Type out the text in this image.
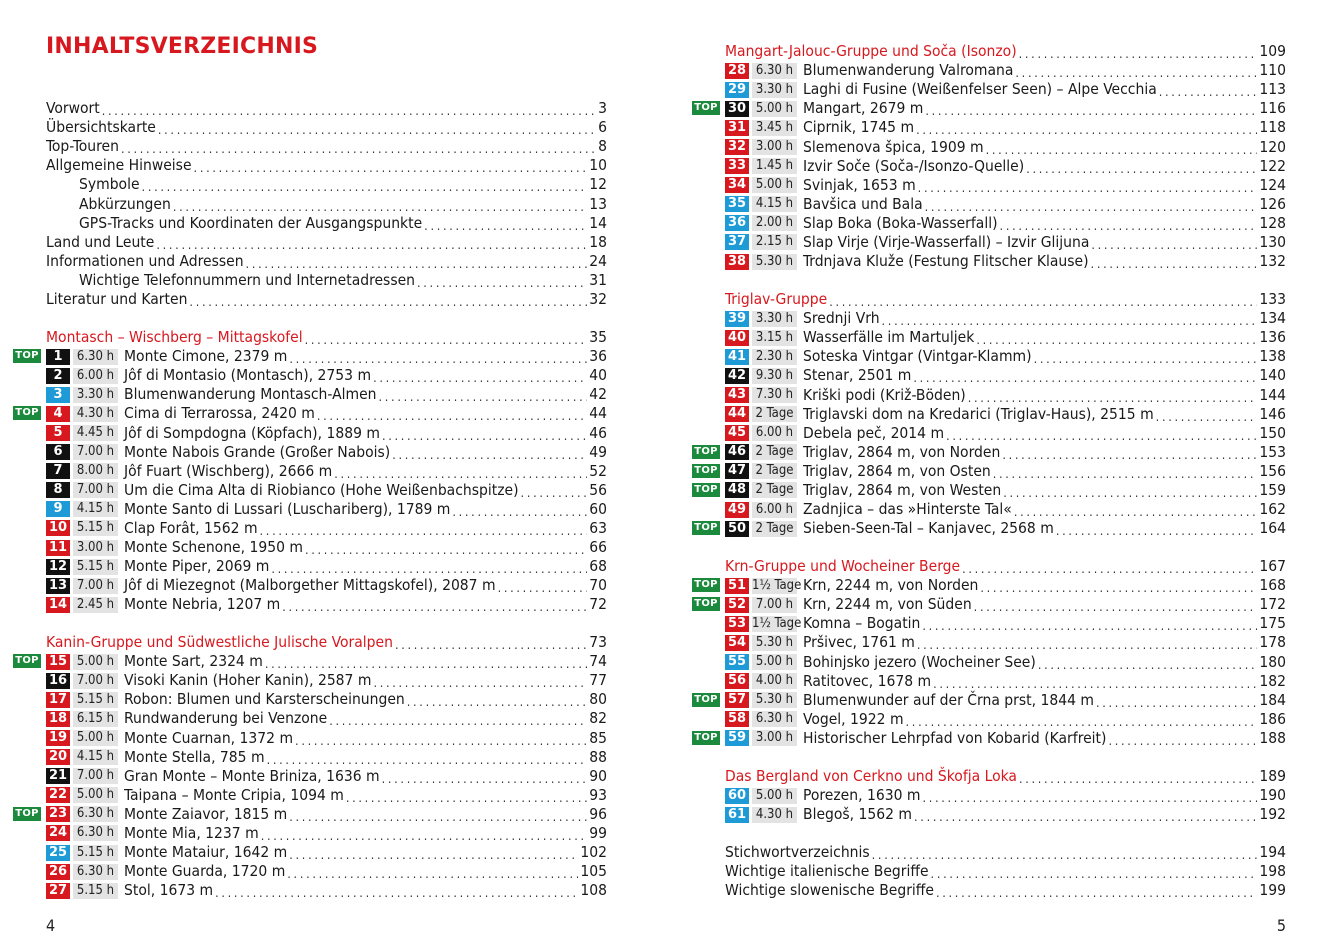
INHALTSVERZEICHNIS
Vorwort .....	3
Übersichtskarte .....	6
Top-Touren .....	8
Allgemeine Hinweise .....	10
Symbole .....	12
Abkürzungen .....	13
GPS-Tracks und Koordinaten der Ausgangspunkte .....	14
Land und Leute .....	18
Informationen und Adressen .....	24
Wichtige Telefonnummern und Internetadressen .....	31
Literatur und Karten .....	32
Montasch – Wischberg – Mittagskofel .....	35
TOP	1	6.30 h Monte Cimone, 2379 m .....	36
2	6.00 h Jôf di Montasio (Montasch), 2753 m .....	40
3	3.30 h Blumenwanderung Montasch-Almen .....	42
TOP	4	4.30 h Cima di Terrarossa, 2420 m .....	44
5	4.45 h Jôf di Sompdogna (Köpfach), 1889 m .....	46
6	7.00 h Monte Nabois Grande (Großer Nabois) .....	49
7	8.00 h Jôf Fuart (Wischberg), 2666 m .....	52
8	7.00 h Um die Cima Alta di Riobianco (Hohe Weißenbachspitze) .....	56
9	4.15 h Monte Santo di Lussari (Luschariberg), 1789 m .....	60
10 5.15 h Clap Forât, 1562 m .....	63
11 3.00 h Monte Schenone, 1950 m .....	66
12 5.15 h Monte Piper, 2069 m .....	68
13 7.00 h Jôf di Miezegnot (Malborgether Mittagskofel), 2087 m .....	70
14 2.45 h Monte Nebria, 1207 m .....	72
Kanin-Gruppe und Südwestliche Julische Voralpen .....	73
TOP 15 5.00 h Monte Sart, 2324 m .....	74
16 7.00 h Visoki Kanin (Hoher Kanin), 2587 m .....	77
17 5.15 h Robon: Blumen und Karsterscheinungen .....	80
18 6.15 h Rundwanderung bei Venzone .....	82
19 5.00 h Monte Cuarnan, 1372 m .....	85
20 4.15 h Monte Stella, 785 m .....	88
21 7.00 h Gran Monte – Monte Briniza, 1636 m .....	90
22 5.00 h Taipana – Monte Cripia, 1094 m .....	93
TOP 23 6.30 h Monte Zaiavor, 1815 m .....	96
24 6.30 h Monte Mia, 1237 m .....	99
25 5.15 h Monte Mataiur, 1642 m .....	102
26 6.30 h Monte Guarda, 1720 m .....	105
27 5.15 h Stol, 1673 m .....	108
4
Mangart-Jalouc-Gruppe und Soča (Isonzo) .....	109
28 6.30 h Blumenwanderung Valromana .....	110
29 3.30 h Laghi di Fusine (Weißenfelser Seen) – Alpe Vecchia .....	113
TOP 30 5.00 h Mangart, 2679 m .....	116
31 3.45 h Ciprnik, 1745 m .....	118
32 3.00 h Slemenova špica, 1909 m .....	120
33 1.45 h Izvir Soče (Soča-/Isonzo-Quelle) .....	122
34 5.00 h Svinjak, 1653 m .....	124
35 4.15 h Bavšica und Bala .....	126
36 2.00 h Slap Boka (Boka-Wasserfall) .....	128
37 2.15 h Slap Virje (Virje-Wasserfall) – Izvir Glijuna .....	130
38 5.30 h Trdnjava Kluže (Festung Flitscher Klause) .....	132
Triglav-Gruppe .....	133
39 3.30 h Srednji Vrh .....	134
40 3.15 h Wasserfälle im Martuljek .....	136
41 2.30 h Soteska Vintgar (Vintgar-Klamm) .....	138
42 9.30 h Stenar, 2501 m .....	140
43 7.30 h Kriški podi (Križ-Böden) .....	144
44 2 Tage Triglavski dom na Kredarici (Triglav-Haus), 2515 m .....	146
45 6.00 h Debela peč, 2014 m .....	150
TOP 46 2 Tage Triglav, 2864 m, von Norden .....	153
TOP 47 2 Tage Triglav, 2864 m, von Osten .....	156
TOP 48 2 Tage Triglav, 2864 m, von Westen .....	159
49 6.00 h Zadnjica – das »Hinterste Tal« .....	162
TOP 50 2 Tage Sieben-Seen-Tal – Kanjavec, 2568 m .....	164
Krn-Gruppe und Wocheiner Berge .....	167
TOP 51 1½ Tage Krn, 2244 m, von Norden .....	168
TOP 52 7.00 h Krn, 2244 m, von Süden .....	172
53 1½ Tage Komna – Bogatin .....	175
54 5.30 h Pršivec, 1761 m .....	178
55 5.00 h Bohinjsko jezero (Wocheiner See) .....	180
56 4.00 h Ratitovec, 1678 m .....	182
TOP 57 5.30 h Blumenwunder auf der Črna prst, 1844 m .....	184
58 6.30 h Vogel, 1922 m .....	186
TOP 59 3.00 h Historischer Lehrpfad von Kobarid (Karfreit) .....	188
Das Bergland von Cerkno und Škofja Loka .....	189
60 5.00 h Porezen, 1630 m .....	190
61 4.30 h Blegoš, 1562 m .....	192
Stichwortverzeichnis .....	194
Wichtige italienische Begriffe .....	198
Wichtige slowenische Begriffe .....	199
5
